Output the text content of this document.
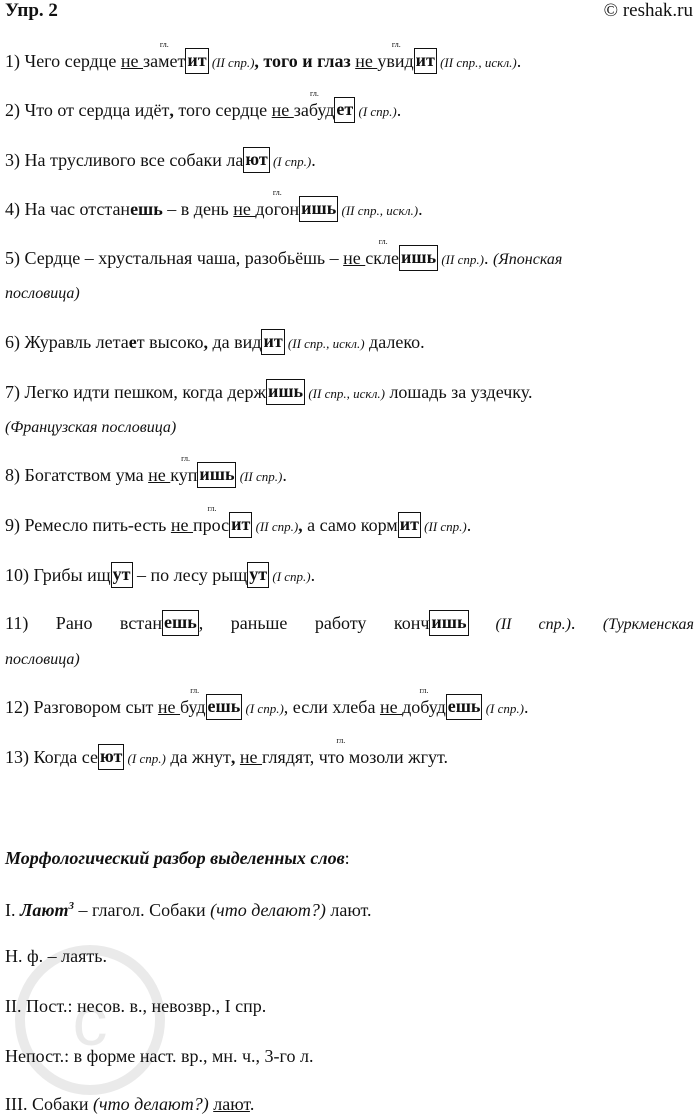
Упр. 2	© reshak.ru
1) Чего сердце не гл. замет ит (II спр.), того и глаз не гл. увид ит (II спр., искл.).
2) Что от сердца идёт, того сердце не гл. забуд ет (I спр.).
3) На трусливого все собаки ла ют (I спр.).
4) На час отстанешь – в день не гл. догон ишь (II спр., искл.).
5) Сердце – хрустальная чаша, разобьёшь – не гл. скле ишь (II спр.). (Японская
пословица)
6) Журавль летает высоко, да вид ит (II спр., искл.) далеко.
7) Легко идти пешком, когда держ ишь (II спр., искл.) лошадь за уздечку.
(Французская пословица)
8) Богатством ума не гл. куп ишь (II спр.).
9) Ремесло пить-есть не гл. прос ит (II спр.), а само корм ит (II спр.).
10) Грибы ищ ут – по лесу рыщ ут (I спр.).
11) Рано встан ешь , раньше работу конч ишь (II спр.). (Туркменская
пословица)
12) Разговором сыт не гл. буд ешь (I спр.), если хлеба не гл. добуд ешь (I спр.).
13) Когда се ют (I спр.) да жнут, не гл. глядят, что мозоли жгут.
Морфологический разбор выделенных слов:
I. Лают$^3$ – глагол. Собаки (что делают?) лают.
Н. ф. – лаять.
II. Пост.: несов. в., невозвр., I спр.
Непост.: в форме наст. вр., мн. ч., 3-го л.
III. Собаки (что делают?) лают.
c
